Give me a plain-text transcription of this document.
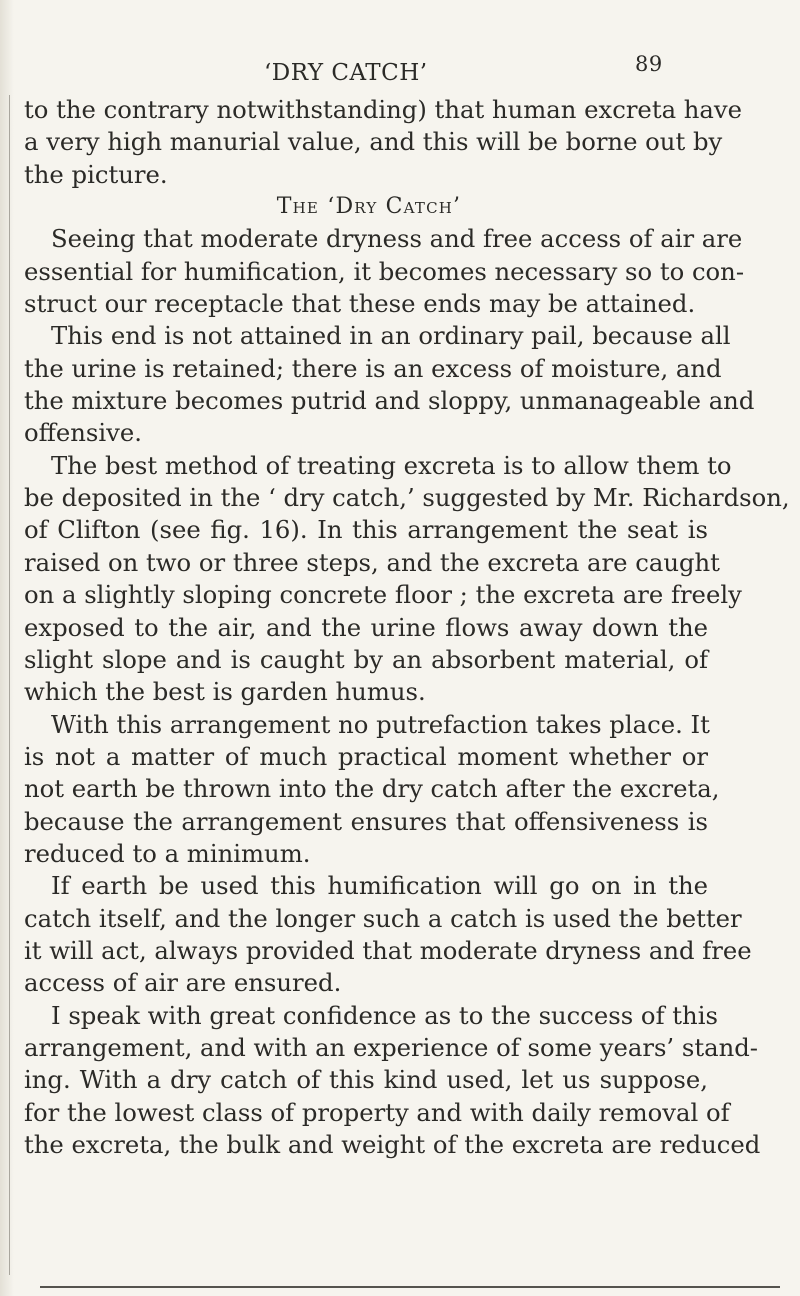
‘DRY CATCH’	89
to the contrary notwithstanding) that human excreta have
a very high manurial value, and this will be borne out by
the picture.
The ‘Dry Catch’
Seeing that moderate dryness and free access of air are
essential for humification, it becomes necessary so to con-
struct our receptacle that these ends may be attained.
This end is not attained in an ordinary pail, because all
the urine is retained; there is an excess of moisture, and
the mixture becomes putrid and sloppy, unmanageable and
offensive.
The best method of treating excreta is to allow them to
be deposited in the ‘ dry catch,’ suggested by Mr. Richardson,
of Clifton (see fig. 16). In this arrangement the seat is
raised on two or three steps, and the excreta are caught
on a slightly sloping concrete floor ; the excreta are freely
exposed to the air, and the urine flows away down the
slight slope and is caught by an absorbent material, of
which the best is garden humus.
With this arrangement no putrefaction takes place. It
is not a matter of much practical moment whether or
not earth be thrown into the dry catch after the excreta,
because the arrangement ensures that offensiveness is
reduced to a minimum.
If earth be used this humification will go on in the
catch itself, and the longer such a catch is used the better
it will act, always provided that moderate dryness and free
access of air are ensured.
I speak with great confidence as to the success of this
arrangement, and with an experience of some years’ stand-
ing. With a dry catch of this kind used, let us suppose,
for the lowest class of property and with daily removal of
the excreta, the bulk and weight of the excreta are reduced
